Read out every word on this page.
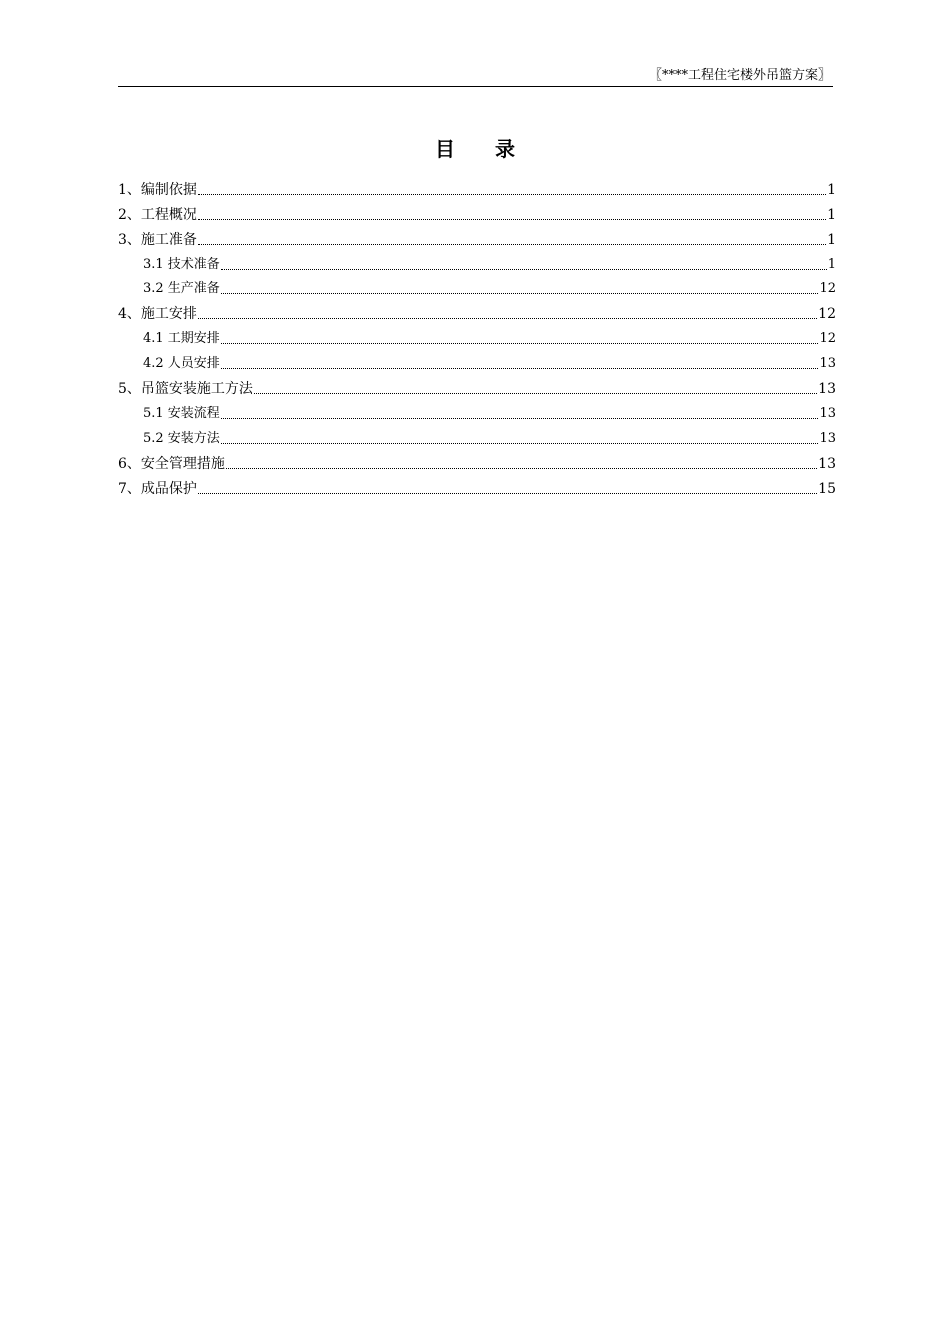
〖****工程住宅楼外吊篮方案〗
目录
1、编制依据	1
2、工程概况	1
3、施工准备	1
3.1 技术准备	1
3.2 生产准备	12
4、施工安排	12
4.1 工期安排	12
4.2 人员安排	13
5、吊篮安装施工方法	13
5.1 安装流程	13
5.2 安装方法	13
6、安全管理措施	13
7、成品保护	15
